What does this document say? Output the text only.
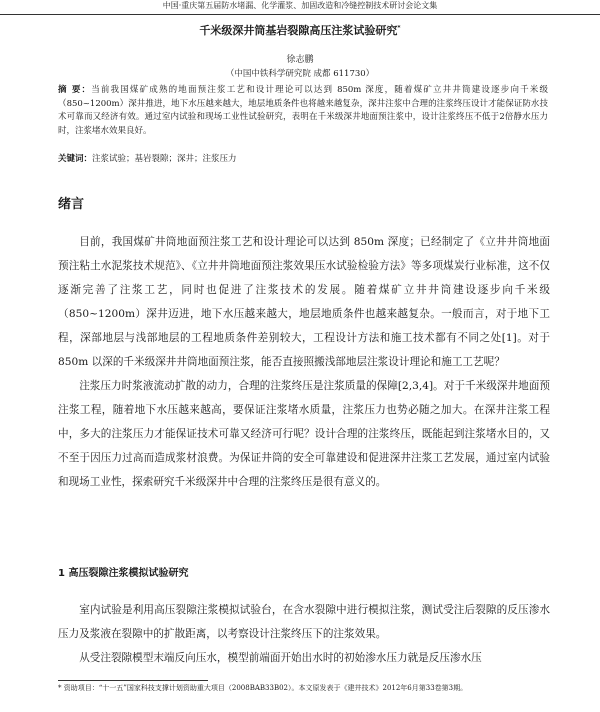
中国·重庆第五届防水堵漏、化学灌浆、加固改造和冷缝控制技术研讨会论文集
千米级深井筒基岩裂隙高压注浆试验研究*
徐志鹏
（中国中铁科学研究院 成都 611730）
摘 要：当前我国煤矿成熟的地面预注浆工艺和设计理论可以达到 850m 深度，随着煤矿立井井筒建设逐步向千米级（850~1200m）深井推进，地下水压越来越大，地层地质条件也将越来越复杂，深井注浆中合理的注浆终压设计才能保证防水技术可靠而又经济有效。通过室内试验和现场工业性试验研究，表明在千米级深井地面预注浆中，设计注浆终压不低于2倍静水压力时，注浆堵水效果良好。
关键词：注浆试验；基岩裂隙；深井；注浆压力
绪言
目前，我国煤矿井筒地面预注浆工艺和设计理论可以达到 850m 深度；已经制定了《立井井筒地面预注粘土水泥浆技术规范》、《立井井筒地面预注浆效果压水试验检验方法》等多项煤炭行业标准，这不仅逐渐完善了注浆工艺，同时也促进了注浆技术的发展。随着煤矿立井井筒建设逐步向千米级（850~1200m）深井迈进，地下水压越来越大，地层地质条件也越来越复杂。一般而言，对于地下工程，深部地层与浅部地层的工程地质条件差别较大，工程设计方法和施工技术都有不同之处[1]。对于 850m 以深的千米级深井井筒地面预注浆，能否直接照搬浅部地层注浆设计理论和施工工艺呢？
注浆压力时浆液流动扩散的动力，合理的注浆终压是注浆质量的保障[2,3,4]。对于千米级深井地面预注浆工程，随着地下水压越来越高，要保证注浆堵水质量，注浆压力也势必随之加大。在深井注浆工程中，多大的注浆压力才能保证技术可靠又经济可行呢？设计合理的注浆终压，既能起到注浆堵水目的，又不至于因压力过高而造成浆材浪费。为保证井筒的安全可靠建设和促进深井注浆工艺发展，通过室内试验和现场工业性，探索研究千米级深井中合理的注浆终压是很有意义的。
1 高压裂隙注浆模拟试验研究
室内试验是利用高压裂隙注浆模拟试验台，在含水裂隙中进行模拟注浆，测试受注后裂隙的反压渗水压力及浆液在裂隙中的扩散距离，以考察设计注浆终压下的注浆效果。
从受注裂隙模型末端反向压水，模型前端面开始出水时的初始渗水压力就是反压渗水压
* 资助项目：“十一五”国家科技支撑计划资助重大项目（2008BAB33B02）。本文原发表于《建井技术》2012年6月第33卷第3期。
